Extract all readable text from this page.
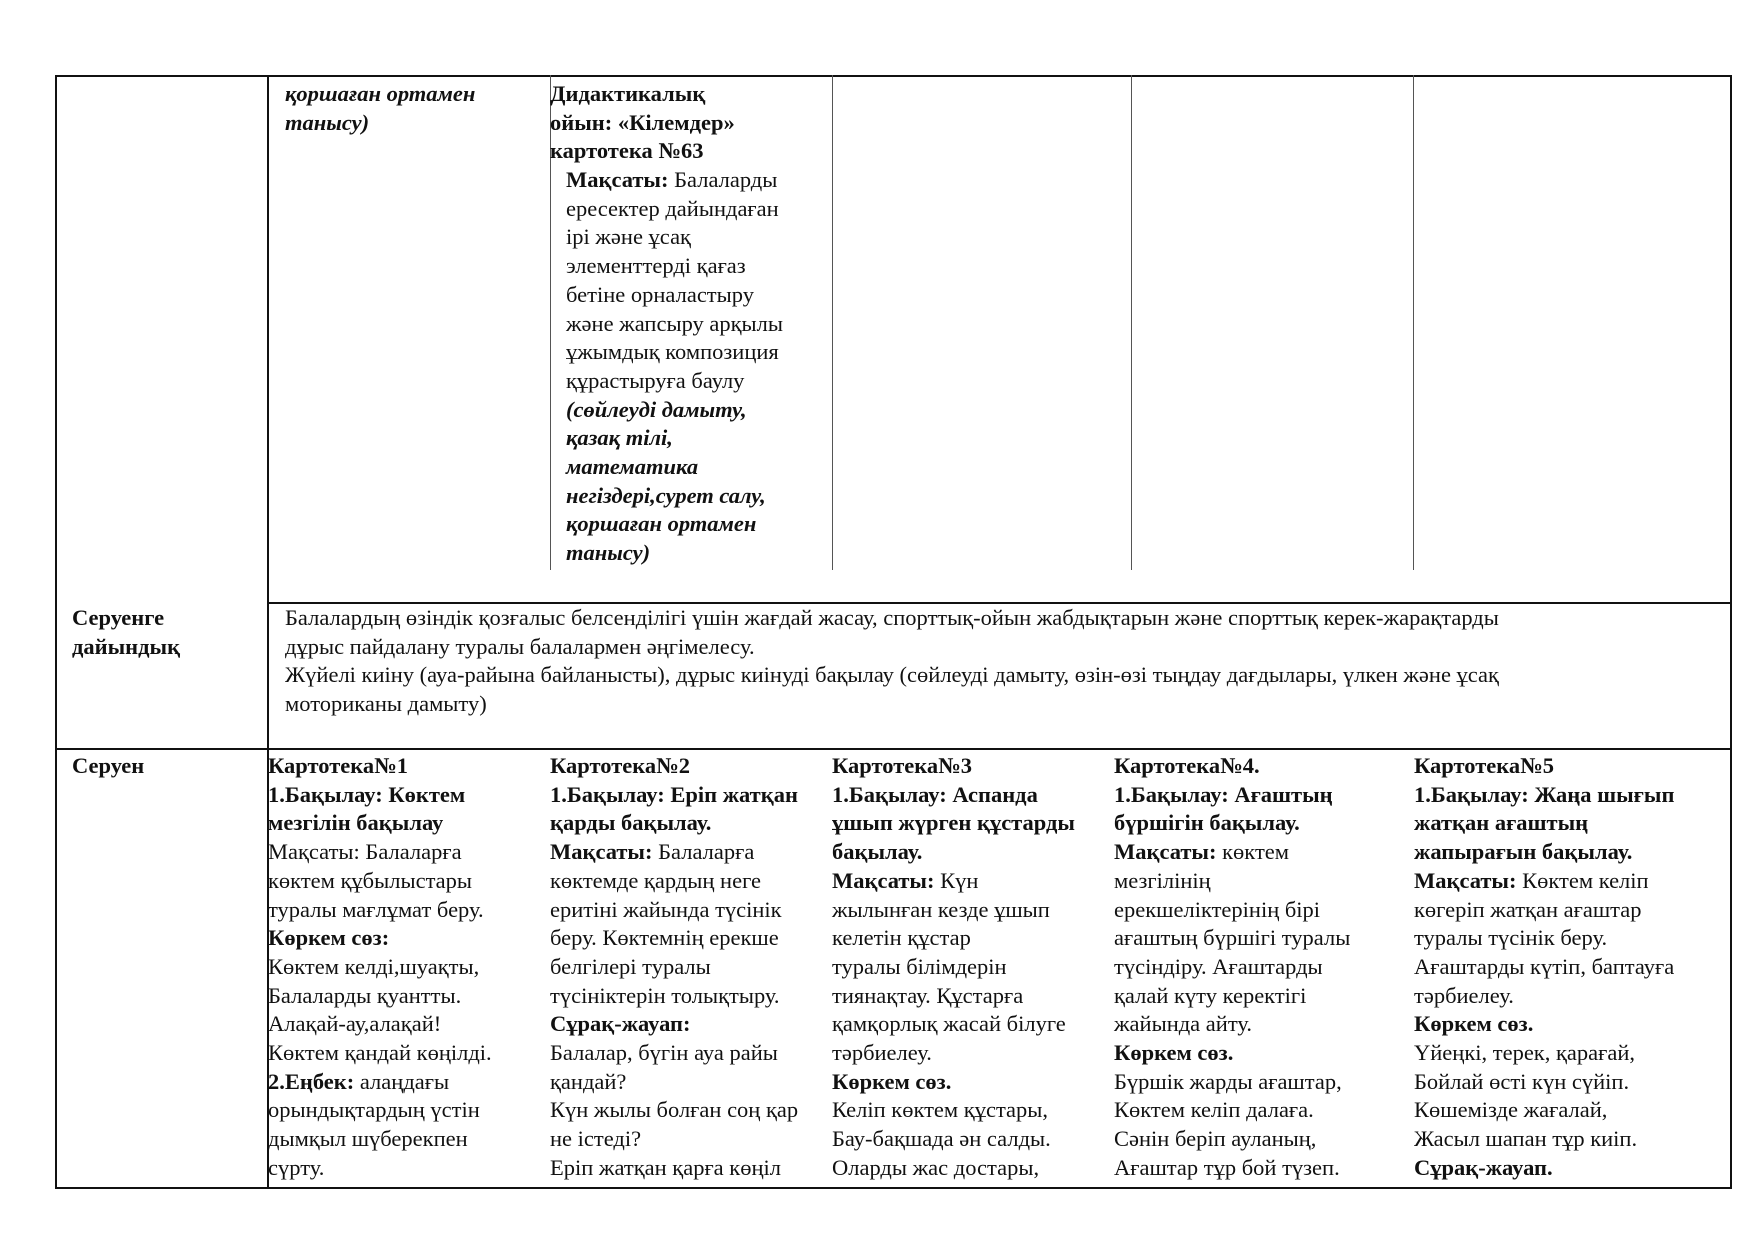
қоршаған ортамен
танысу)
Дидактикалық
ойын: «Кілемдер»
картотека №63
Мақсаты: Балаларды
ересектер дайындаған
ірі және ұсақ
элементтерді қағаз
бетіне орналастыру
және жапсыру арқылы
ұжымдық композиция
құрастыруға баулу
(сөйлеуді дамыту,
қазақ тілі,
математика
негіздері,сурет салу,
қоршаған ортамен
танысу)
Серуенге
дайындық
Балалардың өзіндік қозғалыс белсенділігі үшін жағдай жасау, спорттық-ойын жабдықтарын және спорттық керек-жарақтарды
дұрыс пайдалану туралы балалармен әңгімелесу.
Жүйелі киіну (ауа-райына байланысты), дұрыс киінуді бақылау (сөйлеуді дамыту, өзін-өзі тыңдау дағдылары, үлкен және ұсақ
моториканы дамыту)
Серуен	Картотека№1
1.Бақылау: Көктем
мезгілін бақылау
Мақсаты: Балаларға
көктем құбылыстары
туралы мағлұмат беру.
Көркем сөз:
Көктем келді,шуақты,
Балаларды қуантты.
Алақай-ау,алақай!
Көктем қандай көңілді.
2.Еңбек: алаңдағы
орындықтардың үстін
дымқыл шүберекпен
сүрту.
Картотека№2
1.Бақылау: Еріп жатқан
қарды бақылау.
Мақсаты: Балаларға
көктемде қардың неге
еритіні жайында түсінік
беру. Көктемнің ерекше
белгілері туралы
түсініктерін толықтыру.
Сұрақ-жауап:
Балалар, бүгін ауа райы
қандай?
Күн жылы болған соң қар
не істеді?
Еріп жатқан қарға көңіл
Картотека№3
1.Бақылау: Аспанда
ұшып жүрген құстарды
бақылау.
Мақсаты: Күн
жылынған кезде ұшып
келетін құстар
туралы білімдерін
тиянақтау. Құстарға
қамқорлық жасай білуге
тәрбиелеу.
Көркем сөз.
Келіп көктем құстары,
Бау-бақшада ән салды.
Оларды жас достары,
Картотека№4.
1.Бақылау: Ағаштың
бүршігін бақылау.
Мақсаты: көктем
мезгілінің
ерекшеліктерінің бірі
ағаштың бүршігі туралы
түсіндіру. Ағаштарды
қалай күту керектігі
жайында айту.
Көркем сөз.
Бүршік жарды ағаштар,
Көктем келіп далаға.
Сәнін беріп ауланың,
Ағаштар тұр бой түзеп.
Картотека№5
1.Бақылау: Жаңа шығып
жатқан ағаштың
жапырағын бақылау.
Мақсаты: Көктем келіп
көгеріп жатқан ағаштар
туралы түсінік беру.
Ағаштарды күтіп, баптауға
тәрбиелеу.
Көркем сөз.
Үйеңкі, терек, қарағай,
Бойлай өсті күн сүйіп.
Көшемізде жағалай,
Жасыл шапан тұр киіп.
Сұрақ-жауап.
